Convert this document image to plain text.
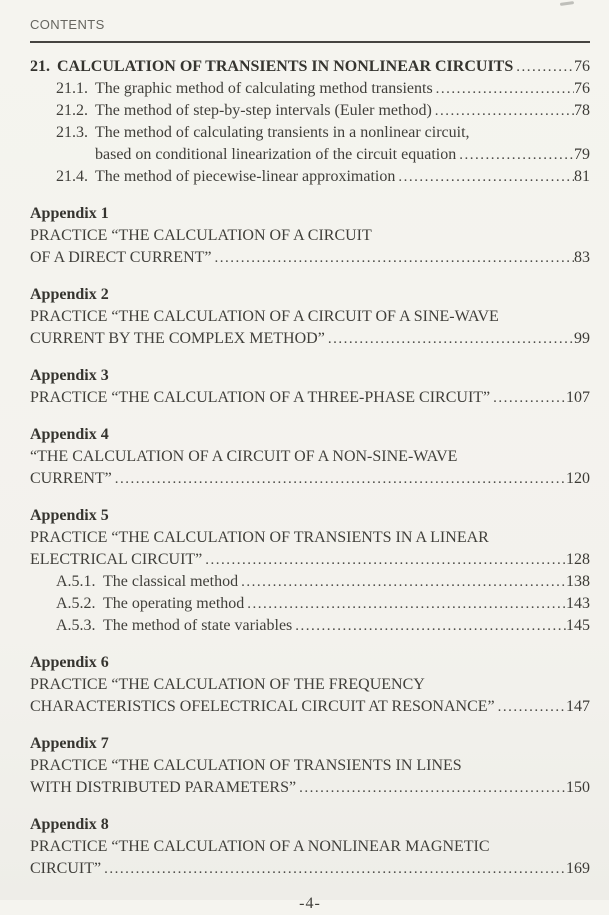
CONTENTS
21. CALCULATION OF TRANSIENTS IN NONLINEAR CIRCUITS .....	76
21.1. The graphic method of calculating method transients .....	76
21.2. The method of step-by-step intervals (Euler method) .....	78
21.3. The method of calculating transients in a nonlinear circuit,
based on conditional linearization of the circuit equation .....	79
21.4. The method of piecewise-linear approximation .....	81
Appendix 1
PRACTICE “THE CALCULATION OF A CIRCUIT
OF A DIRECT CURRENT” .....	83
Appendix 2
PRACTICE “THE CALCULATION OF A CIRCUIT OF A SINE-WAVE
CURRENT BY THE COMPLEX METHOD” .....	99
Appendix 3
PRACTICE “THE CALCULATION OF A THREE-PHASE CIRCUIT” .....	107
Appendix 4
“THE CALCULATION OF A CIRCUIT OF A NON-SINE-WAVE
CURRENT” .....	120
Appendix 5
PRACTICE “THE CALCULATION OF TRANSIENTS IN A LINEAR
ELECTRICAL CIRCUIT” .....	128
A.5.1. The classical method .....	138
A.5.2. The operating method .....	143
A.5.3. The method of state variables .....	145
Appendix 6
PRACTICE “THE CALCULATION OF THE FREQUENCY
CHARACTERISTICS OFELECTRICAL CIRCUIT AT RESONANCE” .....	147
Appendix 7
PRACTICE “THE CALCULATION OF TRANSIENTS IN LINES
WITH DISTRIBUTED PARAMETERS” .....	150
Appendix 8
PRACTICE “THE CALCULATION OF A NONLINEAR MAGNETIC
CIRCUIT” .....	169
-4-
